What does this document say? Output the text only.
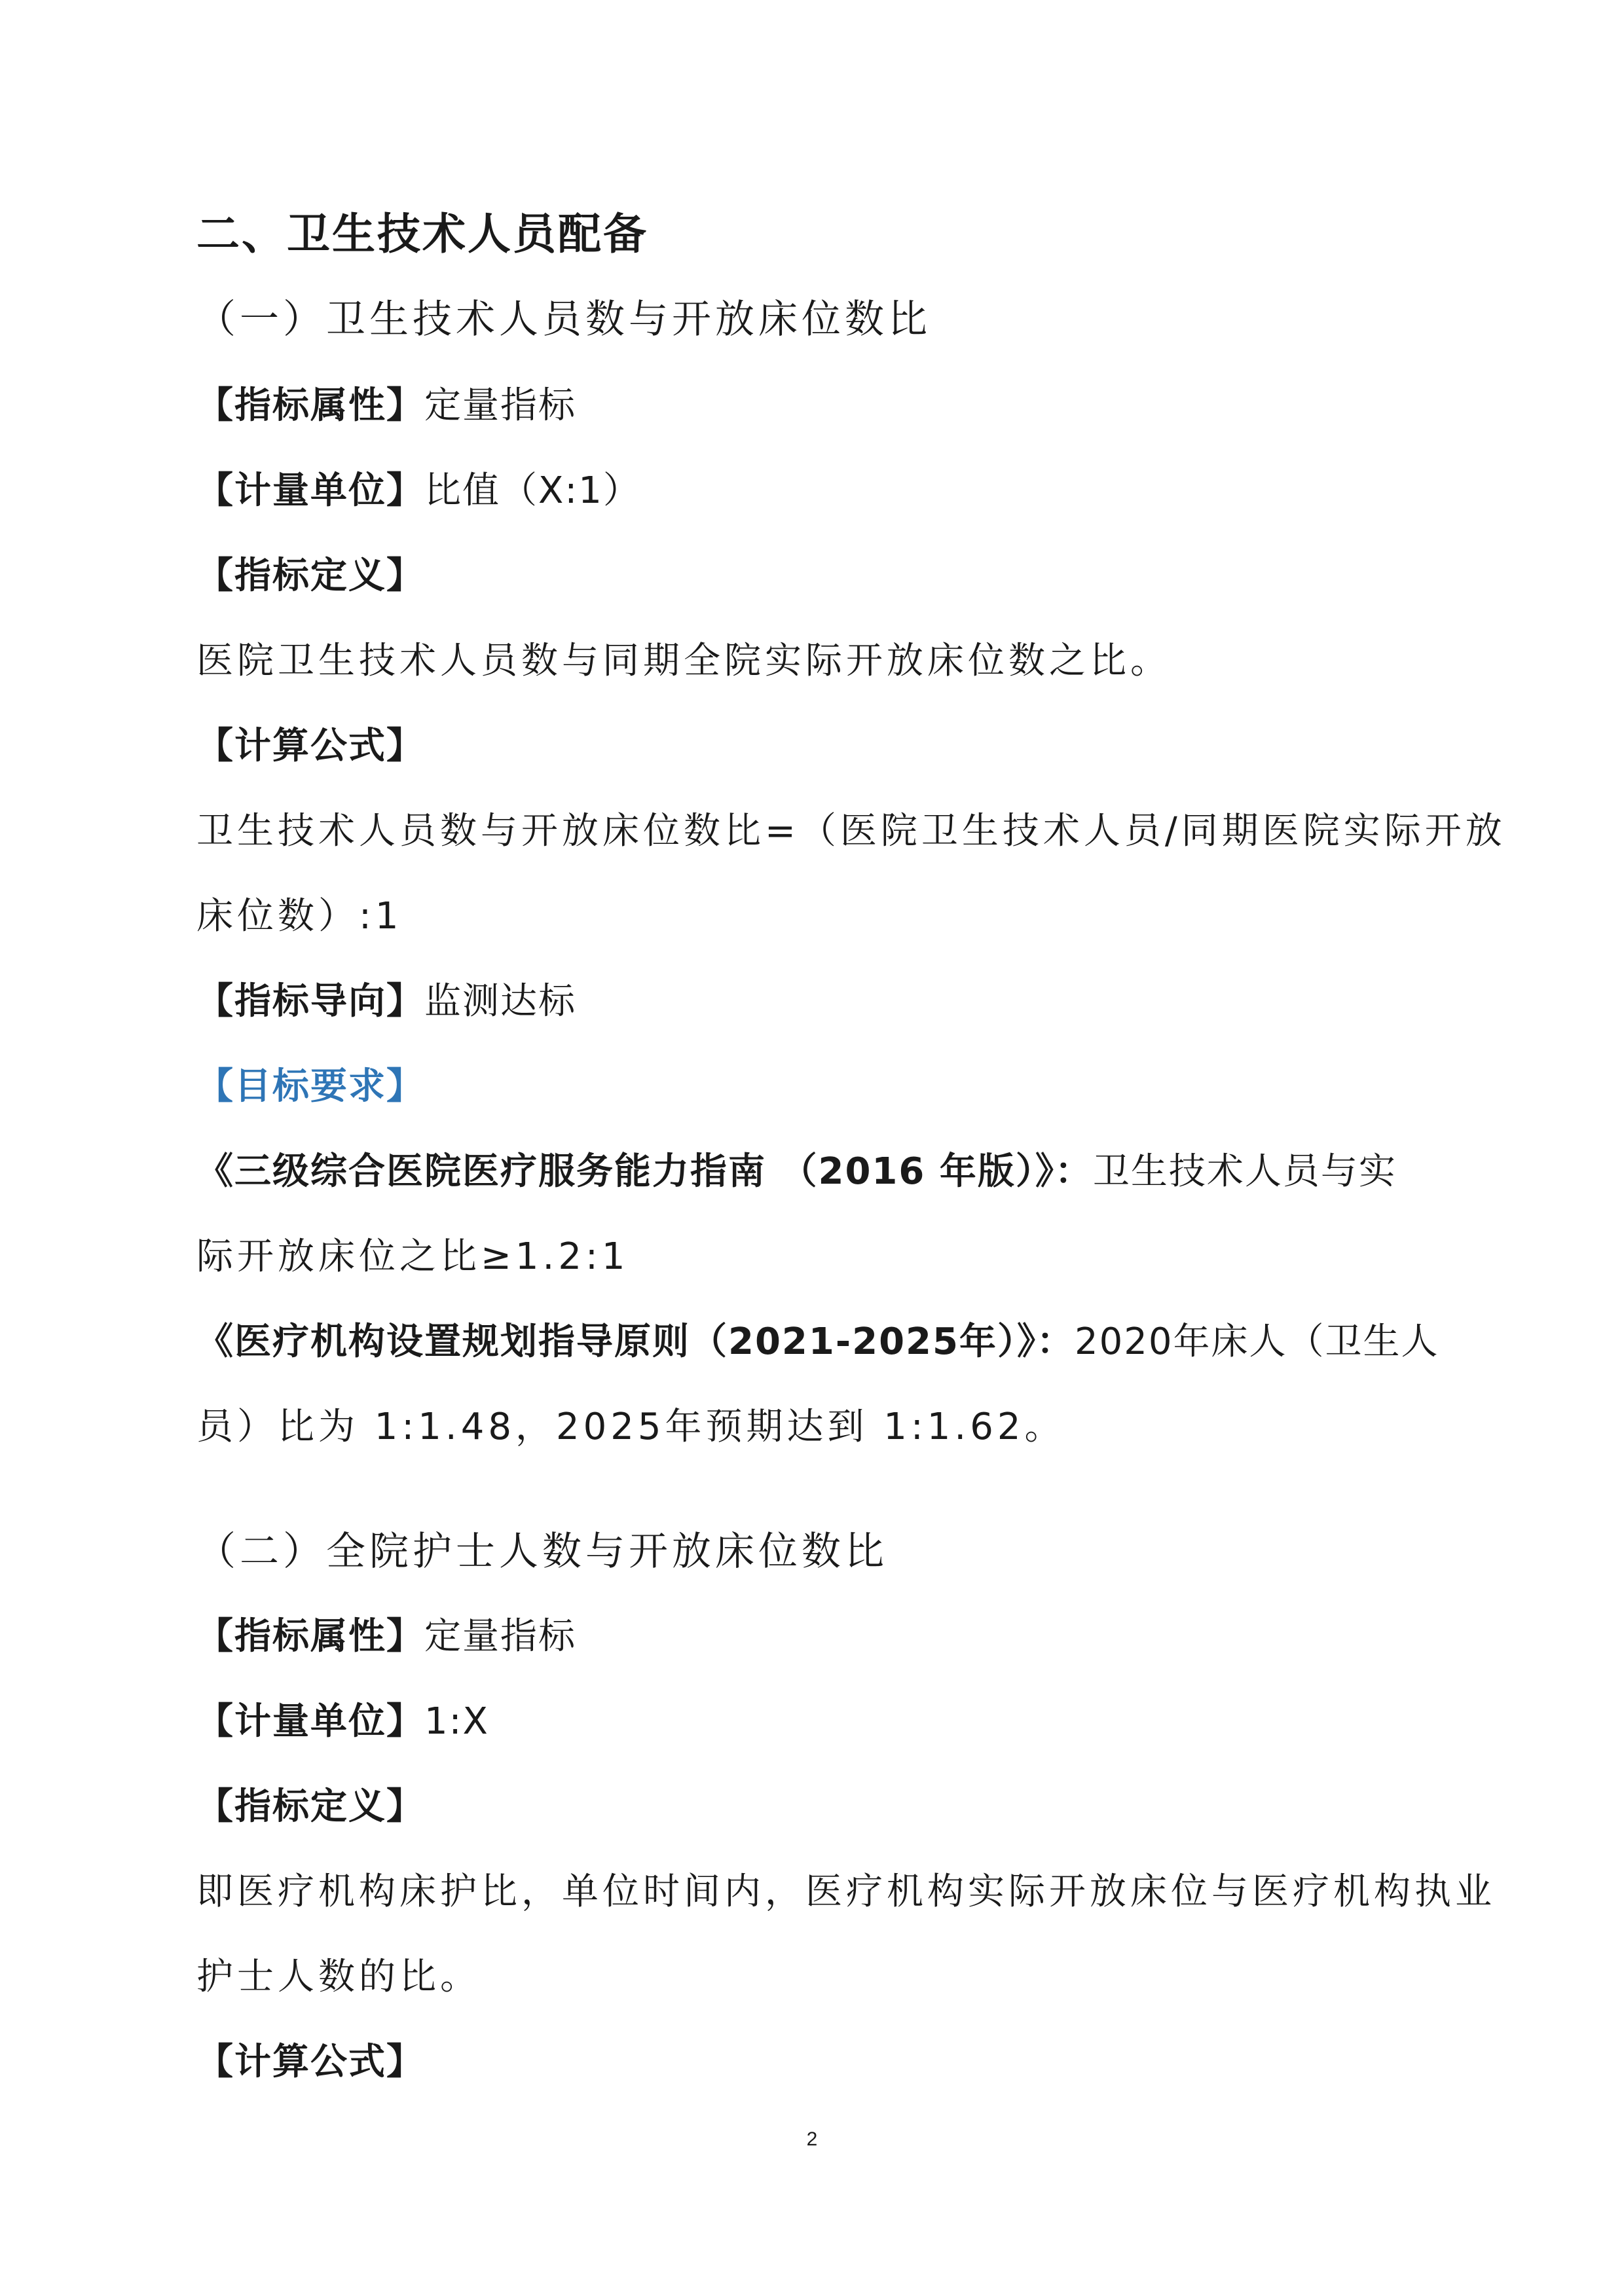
二、卫生技术人员配备
（一）卫生技术人员数与开放床位数比
【指标属性】定量指标
【计量单位】比值（X:1）
【指标定义】
医院卫生技术人员数与同期全院实际开放床位数之比。
【计算公式】
卫生技术人员数与开放床位数比=（医院卫生技术人员/同期医院实际开放
床位数）:1
【指标导向】监测达标
【目标要求】
《三级综合医院医疗服务能力指南 （2016 年版）》：卫生技术人员与实
际开放床位之比≥1.2:1
《医疗机构设置规划指导原则（2021-2025年）》：2020年床人（卫生人
员）比为 1:1.48，2025年预期达到 1:1.62。
（二）全院护士人数与开放床位数比
【指标属性】定量指标
【计量单位】1:X
【指标定义】
即医疗机构床护比，单位时间内，医疗机构实际开放床位与医疗机构执业
护士人数的比。
【计算公式】
2
